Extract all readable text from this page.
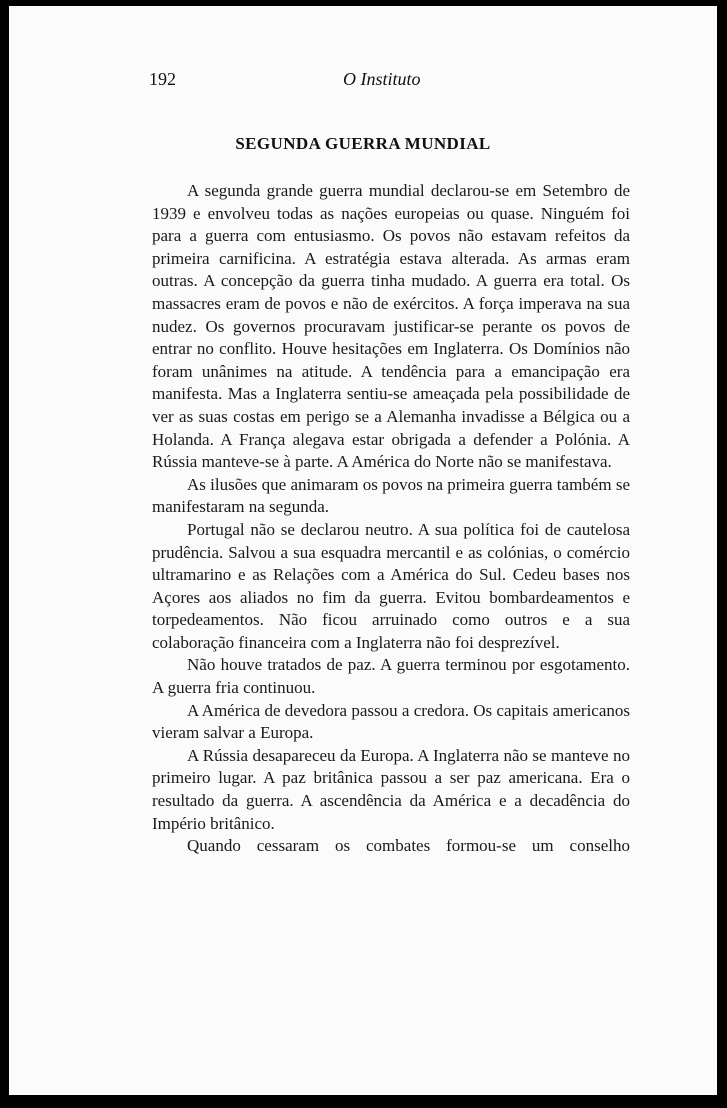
192	O Instituto
SEGUNDA GUERRA MUNDIAL

A segunda grande guerra mundial declarou-se em Setembro de 1939 e envolveu todas as nações europeias ou quase. Ninguém foi para a guerra com entusiasmo. Os povos não estavam refeitos da primeira carnificina. A estratégia estava alterada. As armas eram outras. A concepção da guerra tinha mudado. A guerra era total. Os massacres eram de povos e não de exércitos. A força imperava na sua nudez. Os governos procuravam justificar-se perante os povos de entrar no conflito. Houve hesitações em Inglaterra. Os Domínios não foram unânimes na atitude. A tendência para a emancipação era manifesta. Mas a Inglaterra sentiu-se ameaçada pela possibilidade de ver as suas costas em perigo se a Alemanha invadisse a Bélgica ou a Holanda. A França alegava estar obrigada a defender a Polónia. A Rússia manteve-se à parte. A América do Norte não se manifestava.

As ilusões que animaram os povos na primeira guerra também se manifestaram na segunda.

Portugal não se declarou neutro. A sua política foi de cautelosa prudência. Salvou a sua esquadra mercantil e as colónias, o comércio ultramarino e as Relações com a América do Sul. Cedeu bases nos Açores aos aliados no fim da guerra. Evitou bombardeamentos e torpedeamentos. Não ficou arruinado como outros e a sua colaboração financeira com a Inglaterra não foi desprezível.

Não houve tratados de paz. A guerra terminou por esgotamento. A guerra fria continuou.

A América de devedora passou a credora. Os capitais americanos vieram salvar a Europa.

A Rússia desapareceu da Europa. A Inglaterra não se manteve no primeiro lugar. A paz britânica passou a ser paz americana. Era o resultado da guerra. A ascendência da América e a decadência do Império britânico.

Quando cessaram os combates formou-se um conselho
